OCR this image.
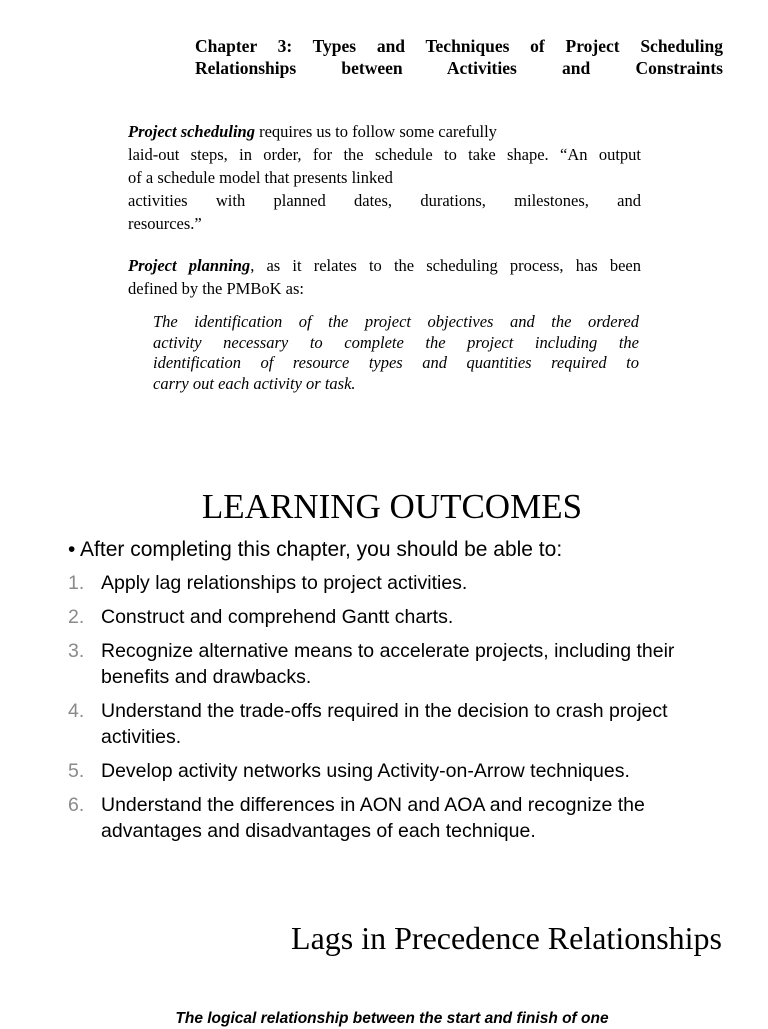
Chapter 3: Types and Techniques of Project Scheduling
Relationships between Activities and Constraints

Project scheduling requires us to follow some carefully
laid-out steps, in order, for the schedule to take shape. “An output
of a schedule model that presents linked
activities with planned dates, durations, milestones, and
resources.”

Project planning, as it relates to the scheduling process, has been
defined by the PMBoK as:

The identification of the project objectives and the ordered
activity necessary to complete the project including the
identification of resource types and quantities required to
carry out each activity or task.
LEARNING OUTCOMES

• After completing this chapter, you should be able to:

1. Apply lag relationships to project activities.
2. Construct and comprehend Gantt charts.
3. Recognize alternative means to accelerate projects, including their benefits and drawbacks.
4. Understand the trade-offs required in the decision to crash project activities.
5. Develop activity networks using Activity-on-Arrow techniques.
6. Understand the differences in AON and AOA and recognize the advantages and disadvantages of each technique.
Lags in Precedence Relationships

The logical relationship between the start and finish of one
